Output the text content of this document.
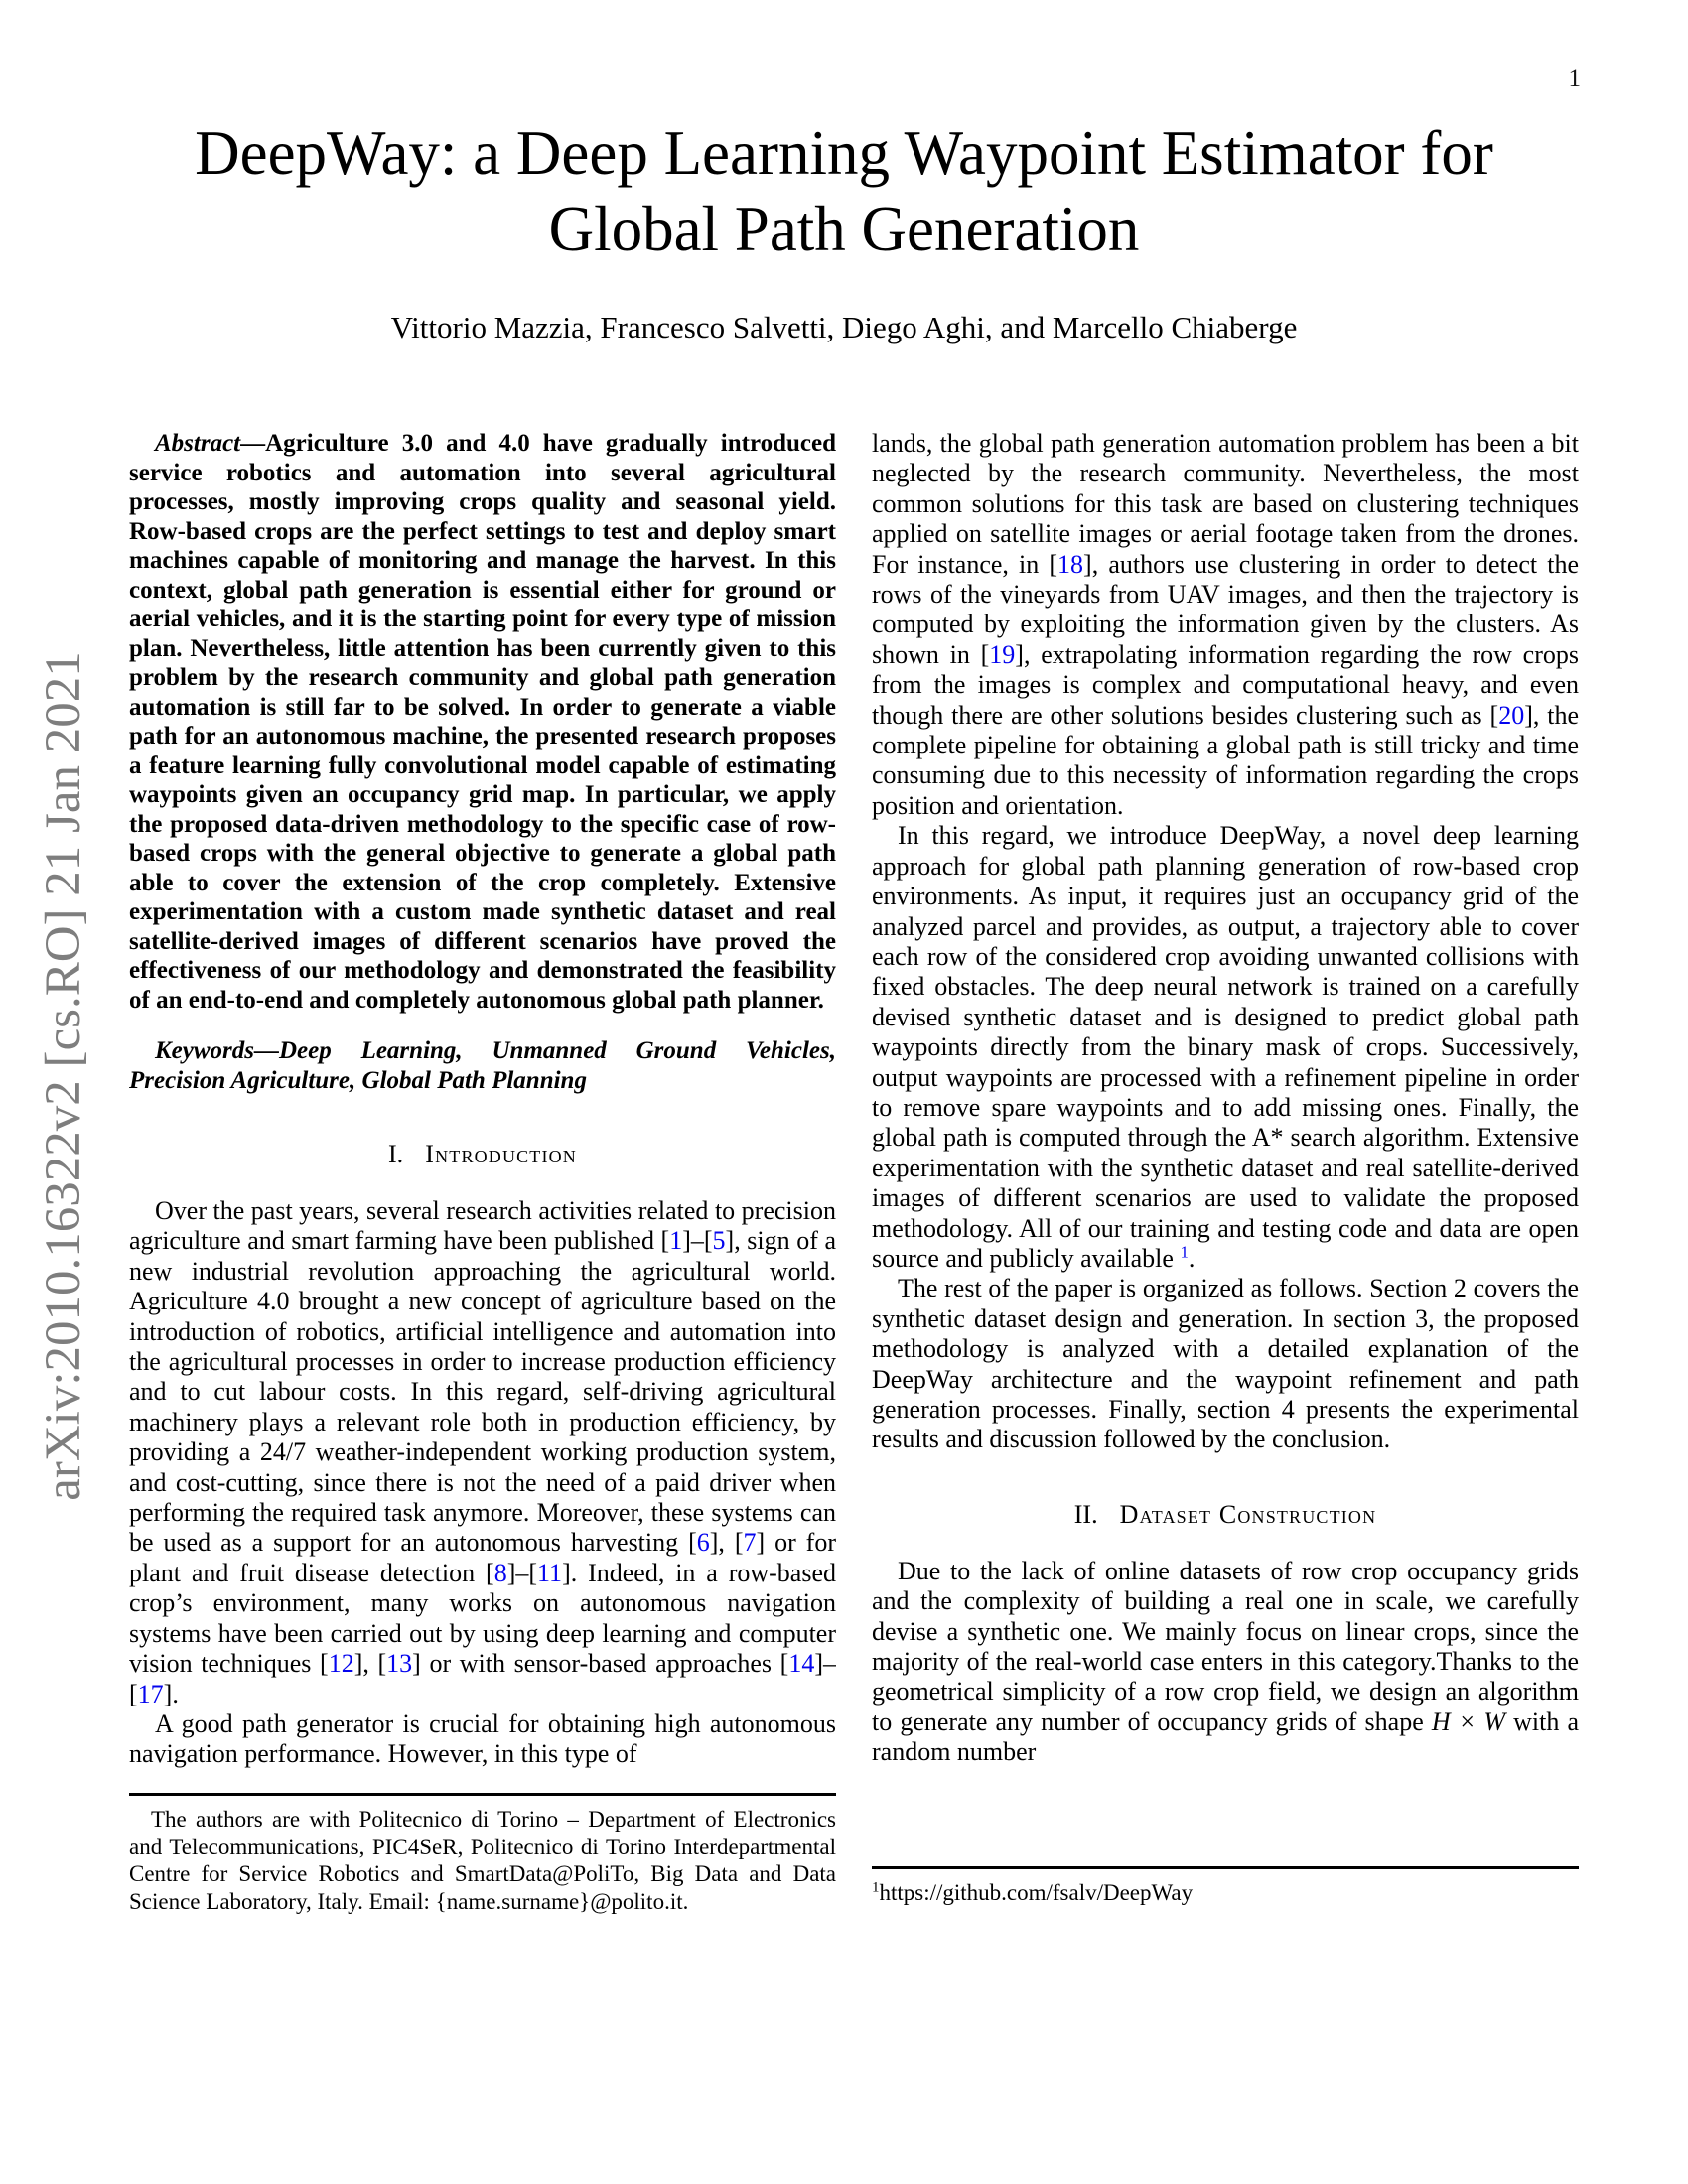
arXiv:2010.16322v2 [cs.RO] 21 Jan 2021
1
DeepWay: a Deep Learning Waypoint Estimator for Global Path Generation
Vittorio Mazzia, Francesco Salvetti, Diego Aghi, and Marcello Chiaberge

Abstract—Agriculture 3.0 and 4.0 have gradually introduced service robotics and automation into several agricultural processes, mostly improving crops quality and seasonal yield. Row-based crops are the perfect settings to test and deploy smart machines capable of monitoring and manage the harvest. In this context, global path generation is essential either for ground or aerial vehicles, and it is the starting point for every type of mission plan. Nevertheless, little attention has been currently given to this problem by the research community and global path generation automation is still far to be solved. In order to generate a viable path for an autonomous machine, the presented research proposes a feature learning fully convolutional model capable of estimating waypoints given an occupancy grid map. In particular, we apply the proposed data-driven methodology to the specific case of row-based crops with the general objective to generate a global path able to cover the extension of the crop completely. Extensive experimentation with a custom made synthetic dataset and real satellite-derived images of different scenarios have proved the effectiveness of our methodology and demonstrated the feasibility of an end-to-end and completely autonomous global path planner.

Keywords—Deep Learning, Unmanned Ground Vehicles, Precision Agriculture, Global Path Planning

I. Introduction

Over the past years, several research activities related to precision agriculture and smart farming have been published [1]–[5], sign of a new industrial revolution approaching the agricultural world. Agriculture 4.0 brought a new concept of agriculture based on the introduction of robotics, artificial intelligence and automation into the agricultural processes in order to increase production efficiency and to cut labour costs. In this regard, self-driving agricultural machinery plays a relevant role both in production efficiency, by providing a 24/7 weather-independent working production system, and cost-cutting, since there is not the need of a paid driver when performing the required task anymore. Moreover, these systems can be used as a support for an autonomous harvesting [6], [7] or for plant and fruit disease detection [8]–[11]. Indeed, in a row-based crop’s environment, many works on autonomous navigation systems have been carried out by using deep learning and computer vision techniques [12], [13] or with sensor-based approaches [14]–[17].

A good path generator is crucial for obtaining high autonomous navigation performance. However, in this type of

The authors are with Politecnico di Torino – Department of Electronics and Telecommunications, PIC4SeR, Politecnico di Torino Interdepartmental Centre for Service Robotics and SmartData@PoliTo, Big Data and Data Science Laboratory, Italy. Email: {name.surname}@polito.it.

lands, the global path generation automation problem has been a bit neglected by the research community. Nevertheless, the most common solutions for this task are based on clustering techniques applied on satellite images or aerial footage taken from the drones. For instance, in [18], authors use clustering in order to detect the rows of the vineyards from UAV images, and then the trajectory is computed by exploiting the information given by the clusters. As shown in [19], extrapolating information regarding the row crops from the images is complex and computational heavy, and even though there are other solutions besides clustering such as [20], the complete pipeline for obtaining a global path is still tricky and time consuming due to this necessity of information regarding the crops position and orientation.

In this regard, we introduce DeepWay, a novel deep learning approach for global path planning generation of row-based crop environments. As input, it requires just an occupancy grid of the analyzed parcel and provides, as output, a trajectory able to cover each row of the considered crop avoiding unwanted collisions with fixed obstacles. The deep neural network is trained on a carefully devised synthetic dataset and is designed to predict global path waypoints directly from the binary mask of crops. Successively, output waypoints are processed with a refinement pipeline in order to remove spare waypoints and to add missing ones. Finally, the global path is computed through the A* search algorithm. Extensive experimentation with the synthetic dataset and real satellite-derived images of different scenarios are used to validate the proposed methodology. All of our training and testing code and data are open source and publicly available $^1$.

The rest of the paper is organized as follows. Section 2 covers the synthetic dataset design and generation. In section 3, the proposed methodology is analyzed with a detailed explanation of the DeepWay architecture and the waypoint refinement and path generation processes. Finally, section 4 presents the experimental results and discussion followed by the conclusion.

II. Dataset Construction

Due to the lack of online datasets of row crop occupancy grids and the complexity of building a real one in scale, we carefully devise a synthetic one. We mainly focus on linear crops, since the majority of the real-world case enters in this category.Thanks to the geometrical simplicity of a row crop field, we design an algorithm to generate any number of occupancy grids of shape H × W with a random number

$^1$https://github.com/fsalv/DeepWay
